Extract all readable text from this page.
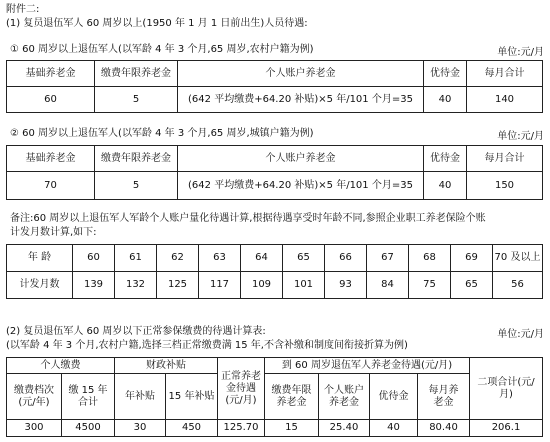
附件二:
(1) 复员退伍军人 60 周岁以上(1950 年 1 月 1 日前出生)人员待遇:
① 60 周岁以上退伍军人(以军龄 4 年 3 个月,65 周岁,农村户籍为例)	单位:元/月
基础养老金	缴费年限养老金	个人账户养老金	优待金	每月合计
60	5	(642 平均缴费+64.20 补贴)×5 年/101 个月=35	40	140
② 60 周岁以上退伍军人(以军龄 4 年 3 个月,65 周岁,城镇户籍为例)	单位:元/月
基础养老金	缴费年限养老金	个人账户养老金	优待金	每月合计
70	5	(642 平均缴费+64.20 补贴)×5 年/101 个月=35	40	150
备注:60 周岁以上退伍军人军龄个人账户量化待遇计算,根据待遇享受时年龄不同,参照企业职工养老保险个账
计发月数计算,如下:
年 龄	60	61	62	63	64	65	66	67	68	69	70 及以上
计发月数	139	132	125	117	109	101	93	84	75	65	56
(2) 复员退伍军人 60 周岁以下正常参保缴费的待遇计算表:	单位:元/月
(以军龄 4 年 3 个月,农村户籍,选择三档正常缴费满 15 年,不含补缴和制度间衔接折算为例)
个人缴费		财政补贴		正常养老金待遇(元/月)	到 60 周岁退伍军人养老金待遇(元/月)				二项合计(元/月)
缴费档次(元/年)	缴 15 年合计	年补贴	15 年补贴		缴费年限养老金	个人账户养老金	优待金	每月养老金	
300	4500	30	450	125.70	15	25.40	40	80.40	206.1
